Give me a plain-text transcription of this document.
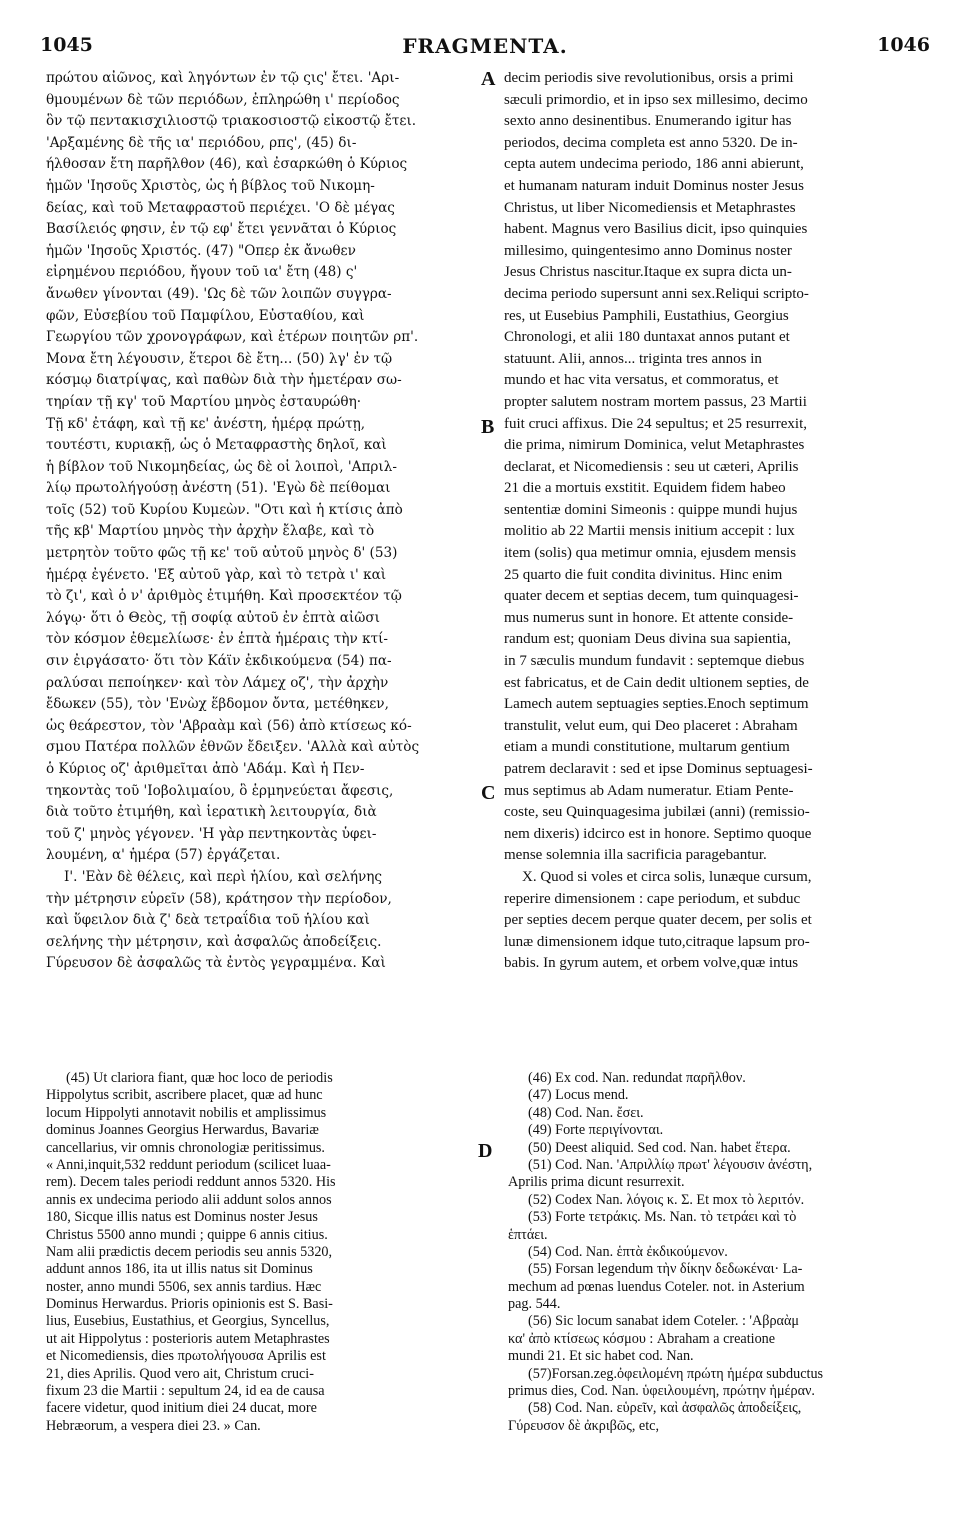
1045	FRAGMENTA.	1046
A
B
C
D
πρώτου αἰῶνος, καὶ ληγόντων ἐν τῷ ςις' ἔτει. 'Αρι-
θμουμένων δὲ τῶν περιόδων, ἐπληρώθη ι' περίοδος
ὃν τῷ πεντακισχιλιοστῷ τριακοσιοστῷ εἰκοστῷ ἔτει.
'Αρξαμένης δὲ τῆς ια' περιόδου, ρπς', (45) δι-
ήλθοσαν ἔτη παρῆλθον (46), καὶ ἐσαρκώθη ὁ Κύριος
ἡμῶν 'Ιησοῦς Χριστὸς, ὡς ἡ βίβλος τοῦ Νικομη-
δείας, καὶ τοῦ Μεταφραστοῦ περιέχει. 'Ο δὲ μέγας
Βασίλειός φησιν, ἐν τῷ εφ' ἔτει γεννᾶται ὁ Κύριος
ἡμῶν 'Ιησοῦς Χριστός. (47) "Οπερ ἐκ ἄνωθεν
εἰρημένου περιόδου, ἤγουν τοῦ ια' ἔτη (48) ς'
ἄνωθεν γίνονται (49). 'Ως δὲ τῶν λοιπῶν συγγρα-
φῶν, Εὐσεβίου τοῦ Παμφίλου, Εὐσταθίου, καὶ
Γεωργίου τῶν χρονογράφων, καὶ ἑτέρων ποιητῶν ρπ'.
Μονα ἔτη λέγουσιν, ἕτεροι δὲ ἔτη... (50) λγ' ἐν τῷ
κόσμῳ διατρίψας, καὶ παθὼν διὰ τὴν ἡμετέραν σω-
τηρίαν τῇ κγ' τοῦ Μαρτίου μηνὸς ἐσταυρώθη·
Τῇ κδ' ἐτάφη, καὶ τῇ κε' ἀνέστη, ἡμέρᾳ πρώτῃ,
τουτέστι, κυριακῇ, ὡς ὁ Μεταφραστὴς δηλοῖ, καὶ
ἡ βίβλον τοῦ Νικομηδείας, ὡς δὲ οἱ λοιποὶ, 'Απριλ-
λίῳ πρωτολήγούσῃ ἀνέστη (51). 'Εγὼ δὲ πείθομαι
τοῖς (52) τοῦ Κυρίου Κυμεὼν. "Οτι καὶ ἡ κτίσις ἀπὸ
τῆς κβ' Μαρτίου μηνὸς τὴν ἀρχὴν ἔλαβε, καὶ τὸ
μετρητὸν τοῦτο φῶς τῇ κε' τοῦ αὐτοῦ μηνὸς δ' (53)
ἡμέρᾳ ἐγένετο. 'Εξ αὐτοῦ γὰρ, καὶ τὸ τετρὰ ι' καὶ
τὸ ζι', καὶ ὁ ν' ἀριθμὸς ἐτιμήθη. Καὶ προσεκτέον τῷ
λόγῳ· ὅτι ὁ Θεὸς, τῇ σοφίᾳ αὐτοῦ ἐν ἑπτὰ αἰῶσι
τὸν κόσμον ἐθεμελίωσε· ἐν ἑπτὰ ἡμέραις τὴν κτί-
σιν ἐιργάσατο· ὅτι τὸν Κάϊν ἐκδικούμενα (54) πα-
ραλύσαι πεποίηκεν· καὶ τὸν Λάμεχ οζ', τὴν ἀρχὴν
ἔδωκεν (55), τὸν 'Ενὼχ ἕβδομον ὄντα, μετέθηκεν,
ὡς θεάρεστον, τὸν 'Αβραὰμ καὶ (56) ἀπὸ κτίσεως κό-
σμου Πατέρα πολλῶν ἐθνῶν ἔδειξεν. 'Αλλὰ καὶ αὐτὸς
ὁ Κύριος οζ' ἀριθμεῖται ἀπὸ 'Αδάμ. Καὶ ἡ Πεν-
τηκοντὰς τοῦ 'Ιοβολιμαίου, ὃ ἑρμηνεύεται ἄφεσις,
διὰ τοῦτο ἐτιμήθη, καὶ ἱερατικὴ λειτουργία, διὰ
τοῦ ζ' μηνὸς γέγονεν. 'Η γὰρ πεντηκοντὰς ὑφει-
λουμένη, α' ἡμέρα (57) ἐργάζεται.
Ι'. 'Εὰν δὲ θέλεις, καὶ περὶ ἡλίου, καὶ σελήνης
τὴν μέτρησιν εὑρεῖν (58), κράτησον τὴν περίοδον,
καὶ ὕφειλον διὰ ζ' δεὰ τετραΐδια τοῦ ἡλίου καὶ
σελήνης τὴν μέτρησιν, καὶ ἀσφαλῶς ἀποδείξεις.
Γύρευσον δὲ ἀσφαλῶς τὰ ἐντὸς γεγραμμένα. Καὶ
decim periodis sive revolutionibus, orsis a primi
sæculi primordio, et in ipso sex millesimo, decimo
sexto anno desinentibus. Enumerando igitur has
periodos, decima completa est anno 5320. De in-
cepta autem undecima periodo, 186 anni abierunt,
et humanam naturam induit Dominus noster Jesus
Christus, ut liber Nicomediensis et Metaphrastes
habent. Magnus vero Basilius dicit, ipso quinquies
millesimo, quingentesimo anno Dominus noster
Jesus Christus nascitur.Itaque ex supra dicta un-
decima periodo supersunt anni sex.Reliqui scripto-
res, ut Eusebius Pamphili, Eustathius, Georgius
Chronologi, et alii 180 duntaxat annos putant et
statuunt. Alii, annos... triginta tres annos in
mundo et hac vita versatus, et commoratus, et
propter salutem nostram mortem passus, 23 Martii
fuit cruci affixus. Die 24 sepultus; et 25 resurrexit,
die prima, nimirum Dominica, velut Metaphrastes
declarat, et Nicomediensis : seu ut cæteri, Aprilis
21 die a mortuis exstitit. Equidem fidem habeo
sententiæ domini Simeonis : quippe mundi hujus
molitio ab 22 Martii mensis initium accepit : lux
item (solis) qua metimur omnia, ejusdem mensis
25 quarto die fuit condita divinitus. Hinc enim
quater decem et septias decem, tum quinquagesi-
mus numerus sunt in honore. Et attente conside-
randum est; quoniam Deus divina sua sapientia,
in 7 sæculis mundum fundavit : septemque diebus
est fabricatus, et de Cain dedit ultionem septies, de
Lamech autem septuagies septies.Enoch septimum
transtulit, velut eum, qui Deo placeret : Abraham
etiam a mundi constitutione, multarum gentium
patrem declaravit : sed et ipse Dominus septuagesi-
mus septimus ab Adam numeratur. Etiam Pente-
coste, seu Quinquagesima jubilæi (anni) (remissio-
nem dixeris) idcirco est in honore. Septimo quoque
mense solemnia illa sacrificia paragebantur.
X. Quod si voles et circa solis, lunæque cursum,
reperire dimensionem : cape periodum, et subduc
per septies decem perque quater decem, per solis et
lunæ dimensionem idque tuto,citraque lapsum pro-
babis. In gyrum autem, et orbem volve,quæ intus
(45) Ut clariora fiant, quæ hoc loco de periodis
Hippolytus scribit, ascribere placet, quæ ad hunc
locum Hippolyti annotavit nobilis et amplissimus
dominus Joannes Georgius Herwardus, Bavariæ
cancellarius, vir omnis chronologiæ peritissimus.
« Anni,inquit,532 reddunt periodum (scilicet luaa-
rem). Decem tales periodi reddunt annos 5320. His
annis ex undecima periodo alii addunt solos annos
180, Sicque illis natus est Dominus noster Jesus
Christus 5500 anno mundi ; quippe 6 annis citius.
Nam alii prædictis decem periodis seu annis 5320,
addunt annos 186, ita ut illis natus sit Dominus
noster, anno mundi 5506, sex annis tardius. Hæc
Dominus Herwardus. Prioris opinionis est S. Basi-
lius, Eusebius, Eustathius, et Georgius, Syncellus,
ut ait Hippolytus : posterioris autem Metaphrastes
et Nicomediensis, dies πρωτολήγουσα Aprilis est
21, dies Aprilis. Quod vero ait, Christum cruci-
fixum 23 die Martii : sepultum 24, id ea de causa
facere videtur, quod initium diei 24 ducat, more
Hebræorum, a vespera diei 23. » Can.
(46) Ex cod. Nan. redundat παρῆλθον.
(47) Locus mend.
(48) Cod. Nan. ἔσει.
(49) Forte περιγίνονται.
(50) Deest aliquid. Sed cod. Nan. habet ἕτερα.
(51) Cod. Nan. 'Απριλλίῳ πρωτ' λέγουσιν ἀνέστη,
Aprilis prima dicunt resurrexit.
(52) Codex Nan. λόγοις κ. Σ. Et mox τὸ λεριτόν.
(53) Forte τετράκις. Ms. Nan. τὸ τετράει καὶ τὸ
ἑπτάει.
(54) Cod. Nan. ἑπτὰ ἐκδικούμενον.
(55) Forsan legendum τὴν δίκην δεδωκέναι· La-
mechum ad pœnas luendus Coteler. not. in Asterium
pag. 544.
(56) Sic locum sanabat idem Coteler. : 'Αβραὰμ
κα' ἀπὸ κτίσεως κόσμου : Abraham a creatione
mundi 21. Et sic habet cod. Nan.
(57)Forsan.zeg.ὀφειλομένη πρώτη ἡμέρα subductus
primus dies, Cod. Nan. ὑφειλουμένη, πρώτην ἡμέραν.
(58) Cod. Nan. εὑρεῖν, καὶ ἀσφαλῶς ἀποδείξεις,
Γύρευσον δὲ ἀκριβῶς, etc,
